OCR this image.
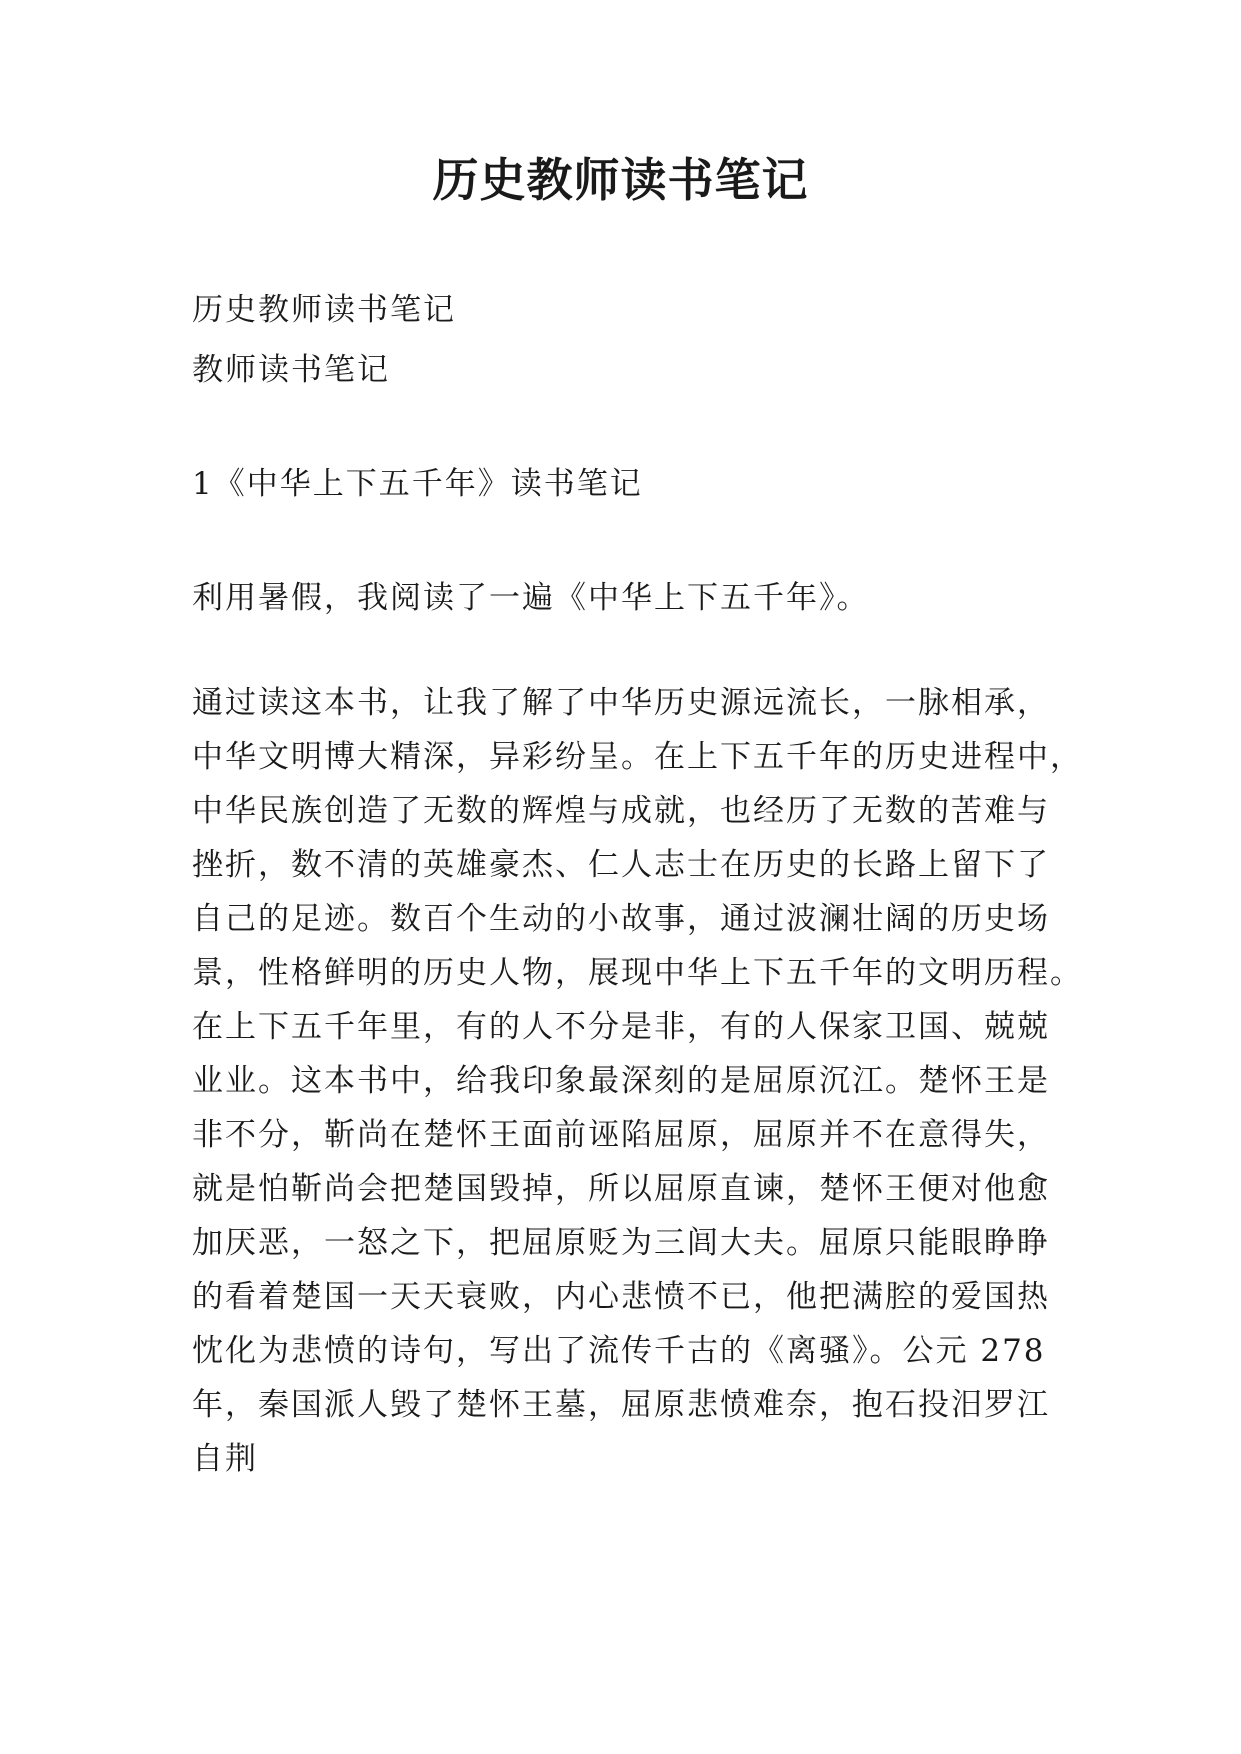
历史教师读书笔记
历史教师读书笔记
教师读书笔记
1《中华上下五千年》读书笔记
利用暑假，我阅读了一遍《中华上下五千年》。
通过读这本书，让我了解了中华历史源远流长，一脉相承，
中华文明博大精深，异彩纷呈。在上下五千年的历史进程中，
中华民族创造了无数的辉煌与成就，也经历了无数的苦难与
挫折，数不清的英雄豪杰、仁人志士在历史的长路上留下了
自己的足迹。数百个生动的小故事，通过波澜壮阔的历史场
景，性格鲜明的历史人物，展现中华上下五千年的文明历程。
在上下五千年里，有的人不分是非，有的人保家卫国、兢兢
业业。这本书中，给我印象最深刻的是屈原沉江。楚怀王是
非不分，靳尚在楚怀王面前诬陷屈原，屈原并不在意得失，
就是怕靳尚会把楚国毁掉，所以屈原直谏，楚怀王便对他愈
加厌恶，一怒之下，把屈原贬为三闾大夫。屈原只能眼睁睁
的看着楚国一天天衰败，内心悲愤不已，他把满腔的爱国热
忱化为悲愤的诗句，写出了流传千古的《离骚》。公元 278
年，秦国派人毁了楚怀王墓，屈原悲愤难奈，抱石投汨罗江
自荆
